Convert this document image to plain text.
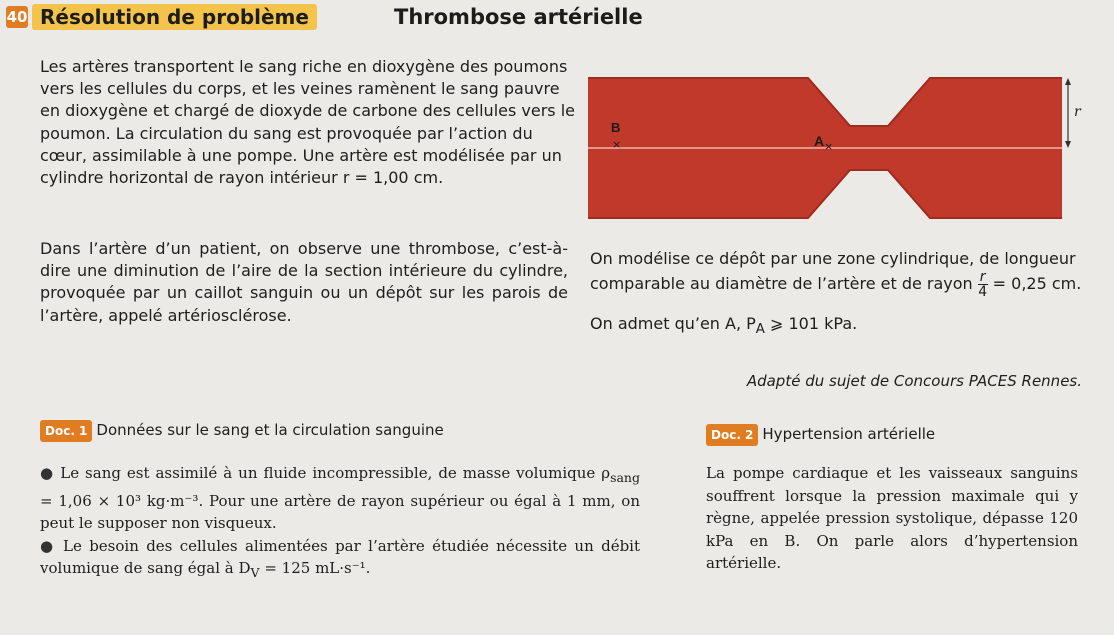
40 Résolution de problème	Thrombose artérielle
Les artères transportent le sang riche en dioxygène des poumons vers les cellules du corps, et les veines ramènent le sang pauvre en dioxygène et chargé de dioxyde de carbone des cellules vers le poumon. La circulation du sang est provoquée par l’action du cœur, assimilable à une pompe. Une artère est modélisée par un cylindre horizontal de rayon intérieur r = 1,00 cm.
B
×	A ×
r
Dans l’artère d’un patient, on observe une thrombose, c’est-à-dire une diminution de l’aire de la section intérieure du cylindre, provoquée par un caillot sanguin ou un dépôt sur les parois de l’artère, appelé artériosclérose.
On modélise ce dépôt par une zone cylindrique, de longueur comparable au diamètre de l’artère et de rayon $\frac{r}{4} = 0,25$ cm.
On admet qu’en A, $P_A$ ⩾ 101 kPa.
Adapté du sujet de Concours PACES Rennes.
Doc. 1 Données sur le sang et la circulation sanguine
● Le sang est assimilé à un fluide incompressible, de masse volumique $\rho_{sang} = 1,06 \times 10^3$ kg·m⁻³. Pour une artère de rayon supérieur ou égal à 1 mm, on peut le supposer non visqueux.
● Le besoin des cellules alimentées par l’artère étudiée nécessite un débit volumique de sang égal à $D_V = 125$ mL·s⁻¹.
Doc. 2 Hypertension artérielle
La pompe cardiaque et les vaisseaux sanguins souffrent lorsque la pression maximale qui y règne, appelée pression systolique, dépasse 120 kPa en B. On parle alors d’hypertension artérielle.
